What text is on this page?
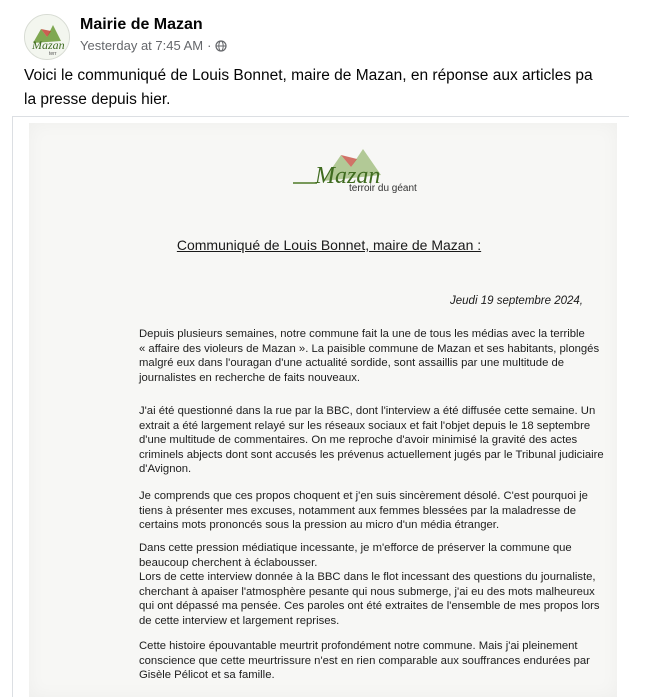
Mazan
terr
Mairie de Mazan
Yesterday at 7:45 AM ·
Voici le communiqué de Louis Bonnet, maire de Mazan, en réponse aux articles pa
la presse depuis hier.
Mazan
terroir du géant
Communiqué de Louis Bonnet, maire de Mazan :
Jeudi 19 septembre 2024,
Depuis plusieurs semaines, notre commune fait la une de tous les médias avec la terrible
« affaire des violeurs de Mazan ». La paisible commune de Mazan et ses habitants, plongés
malgré eux dans l'ouragan d'une actualité sordide, sont assaillis par une multitude de
journalistes en recherche de faits nouveaux.
J'ai été questionné dans la rue par la BBC, dont l'interview a été diffusée cette semaine. Un
extrait a été largement relayé sur les réseaux sociaux et fait l'objet depuis le 18 septembre
d'une multitude de commentaires. On me reproche d'avoir minimisé la gravité des actes
criminels abjects dont sont accusés les prévenus actuellement jugés par le Tribunal judiciaire
d'Avignon.
Je comprends que ces propos choquent et j'en suis sincèrement désolé. C'est pourquoi je
tiens à présenter mes excuses, notamment aux femmes blessées par la maladresse de
certains mots prononcés sous la pression au micro d'un média étranger.
Dans cette pression médiatique incessante, je m'efforce de préserver la commune que
beaucoup cherchent à éclabousser.
Lors de cette interview donnée à la BBC dans le flot incessant des questions du journaliste,
cherchant à apaiser l'atmosphère pesante qui nous submerge, j'ai eu des mots malheureux
qui ont dépassé ma pensée. Ces paroles ont été extraites de l'ensemble de mes propos lors
de cette interview et largement reprises.
Cette histoire épouvantable meurtrit profondément notre commune. Mais j'ai pleinement
conscience que cette meurtrissure n'est en rien comparable aux souffrances endurées par
Gisèle Pélicot et sa famille.
